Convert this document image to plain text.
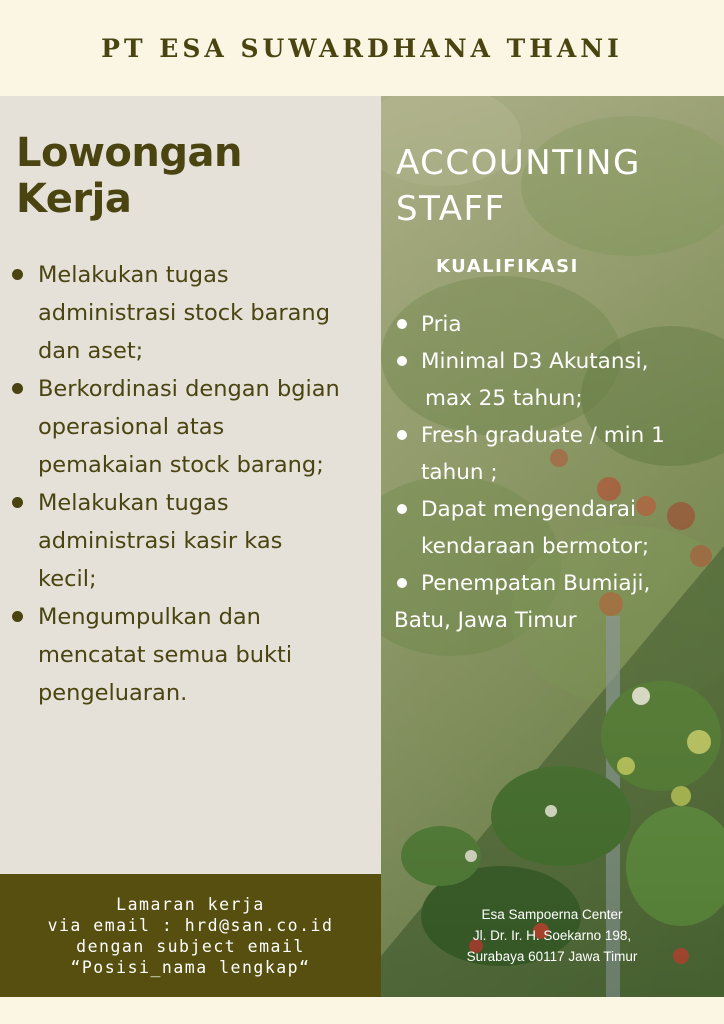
PT ESA SUWARDHANA THANI
Lowongan
Kerja
Melakukan tugas
administrasi stock barang
dan aset;
Berkordinasi dengan bgian
operasional atas
pemakaian stock barang;
Melakukan tugas
administrasi kasir kas
kecil;
Mengumpulkan dan
mencatat semua bukti
pengeluaran.
ACCOUNTING
STAFF
KUALIFIKASI
Pria
Minimal D3 Akutansi,
max 25 tahun;
Fresh graduate / min 1
tahun ;
Dapat mengendarai
kendaraan bermotor;
Penempatan Bumiaji,
Batu, Jawa Timur
Lamaran kerja
via email : hrd@san.co.id
dengan subject email
“Posisi_nama lengkap“
Esa Sampoerna Center
Jl. Dr. Ir. H. Soekarno 198,
Surabaya 60117 Jawa Timur
